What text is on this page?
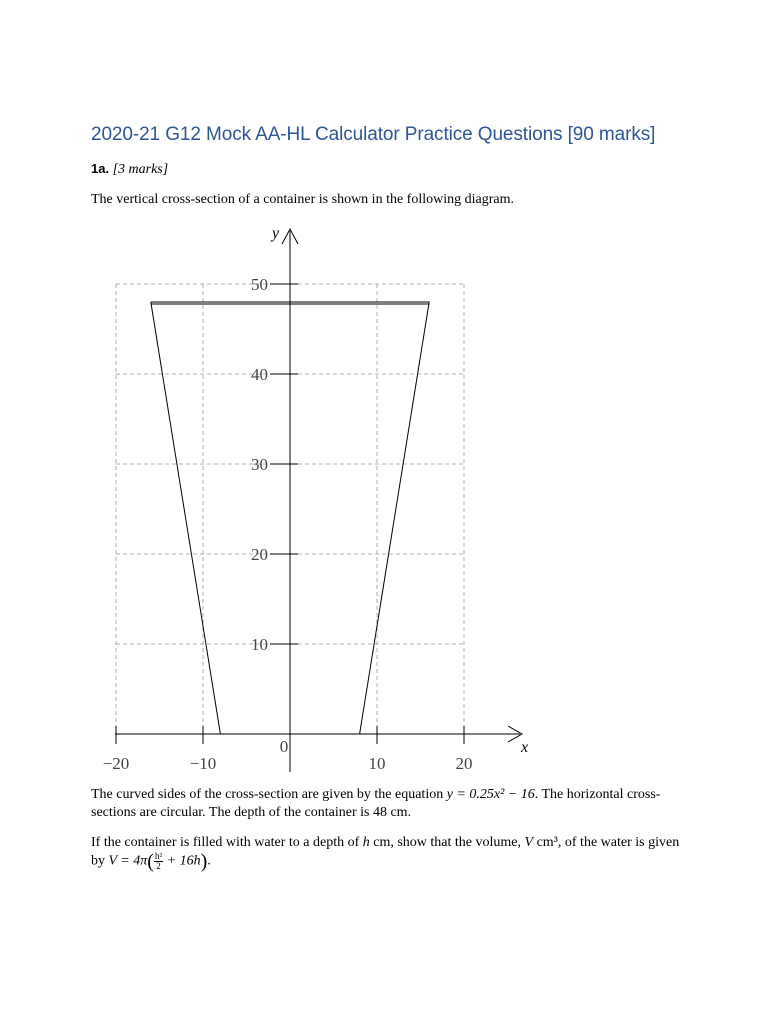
2020-21 G12 Mock AA-HL Calculator Practice Questions [90 marks]
1a. [3 marks]
The vertical cross-section of a container is shown in the following diagram.
−20	−10
0
10	20
10
20
30
40
50
x
y

The curved sides of the cross-section are given by the equation y = 0.25x² − 16. The horizontal cross-sections are circular. The depth of the container is 48 cm.

If the container is filled with water to a depth of h cm, show that the volume, V cm³, of the water is given by $V = 4\pi( \frac{\text{h²}}{2} + 16h)$.
